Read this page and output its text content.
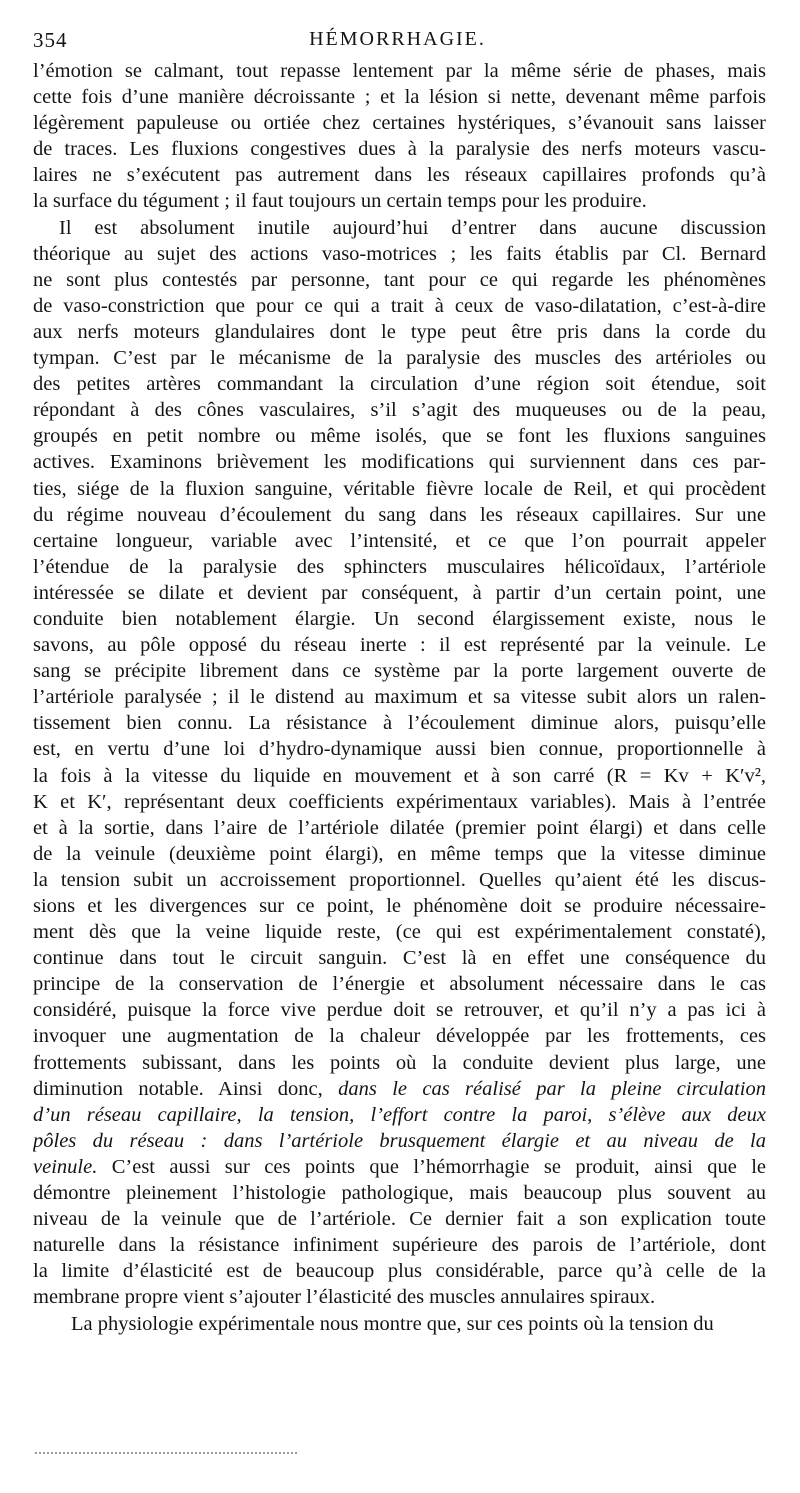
354	HÉMORRHAGIE.
l’émotion se calmant, tout repasse lentement par la même série de phases, mais
cette fois d’une manière décroissante ; et la lésion si nette, devenant même parfois
légèrement papuleuse ou ortiée chez certaines hystériques, s’évanouit sans laisser
de traces. Les fluxions congestives dues à la paralysie des nerfs moteurs vascu-
laires ne s’exécutent pas autrement dans les réseaux capillaires profonds qu’à
la surface du tégument ; il faut toujours un certain temps pour les produire.
Il est absolument inutile aujourd’hui d’entrer dans aucune discussion
théorique au sujet des actions vaso-motrices ; les faits établis par Cl. Bernard
ne sont plus contestés par personne, tant pour ce qui regarde les phénomènes
de vaso-constriction que pour ce qui a trait à ceux de vaso-dilatation, c’est-à-dire
aux nerfs moteurs glandulaires dont le type peut être pris dans la corde du
tympan. C’est par le mécanisme de la paralysie des muscles des artérioles ou
des petites artères commandant la circulation d’une région soit étendue, soit
répondant à des cônes vasculaires, s’il s’agit des muqueuses ou de la peau,
groupés en petit nombre ou même isolés, que se font les fluxions sanguines
actives. Examinons brièvement les modifications qui surviennent dans ces par-
ties, siége de la fluxion sanguine, véritable fièvre locale de Reil, et qui procèdent
du régime nouveau d’écoulement du sang dans les réseaux capillaires. Sur une
certaine longueur, variable avec l’intensité, et ce que l’on pourrait appeler
l’étendue de la paralysie des sphincters musculaires hélicoïdaux, l’artériole
intéressée se dilate et devient par conséquent, à partir d’un certain point, une
conduite bien notablement élargie. Un second élargissement existe, nous le
savons, au pôle opposé du réseau inerte : il est représenté par la veinule. Le
sang se précipite librement dans ce système par la porte largement ouverte de
l’artériole paralysée ; il le distend au maximum et sa vitesse subit alors un ralen-
tissement bien connu. La résistance à l’écoulement diminue alors, puisqu’elle
est, en vertu d’une loi d’hydro-dynamique aussi bien connue, proportionnelle à
la fois à la vitesse du liquide en mouvement et à son carré (R = Kv + K′v²,
K et K′, représentant deux coefficients expérimentaux variables). Mais à l’entrée
et à la sortie, dans l’aire de l’artériole dilatée (premier point élargi) et dans celle
de la veinule (deuxième point élargi), en même temps que la vitesse diminue
la tension subit un accroissement proportionnel. Quelles qu’aient été les discus-
sions et les divergences sur ce point, le phénomène doit se produire nécessaire-
ment dès que la veine liquide reste, (ce qui est expérimentalement constaté),
continue dans tout le circuit sanguin. C’est là en effet une conséquence du
principe de la conservation de l’énergie et absolument nécessaire dans le cas
considéré, puisque la force vive perdue doit se retrouver, et qu’il n’y a pas ici à
invoquer une augmentation de la chaleur développée par les frottements, ces
frottements subissant, dans les points où la conduite devient plus large, une
diminution notable. Ainsi donc, dans le cas réalisé par la pleine circulation
d’un réseau capillaire, la tension, l’effort contre la paroi, s’élève aux deux
pôles du réseau : dans l’artériole brusquement élargie et au niveau de la
veinule. C’est aussi sur ces points que l’hémorrhagie se produit, ainsi que le
démontre pleinement l’histologie pathologique, mais beaucoup plus souvent au
niveau de la veinule que de l’artériole. Ce dernier fait a son explication toute
naturelle dans la résistance infiniment supérieure des parois de l’artériole, dont
la limite d’élasticité est de beaucoup plus considérable, parce qu’à celle de la
membrane propre vient s’ajouter l’élasticité des muscles annulaires spiraux.
La physiologie expérimentale nous montre que, sur ces points où la tension du
